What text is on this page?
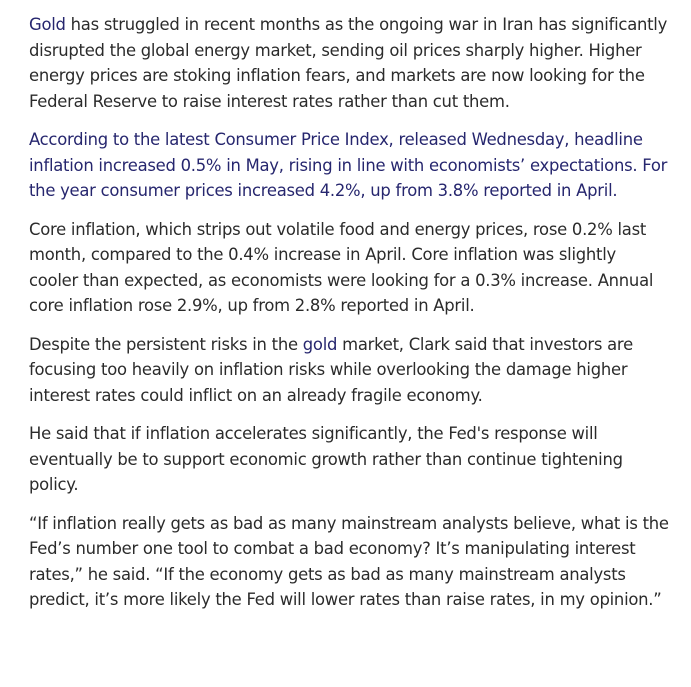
Gold has struggled in recent months as the ongoing war in Iran has significantly disrupted the global energy market, sending oil prices sharply higher. Higher energy prices are stoking inflation fears, and markets are now looking for the Federal Reserve to raise interest rates rather than cut them.

According to the latest Consumer Price Index, released Wednesday, headline inflation increased 0.5% in May, rising in line with economists’ expectations. For the year consumer prices increased 4.2%, up from 3.8% reported in April.

Core inflation, which strips out volatile food and energy prices, rose 0.2% last month, compared to the 0.4% increase in April. Core inflation was slightly cooler than expected, as economists were looking for a 0.3% increase. Annual core inflation rose 2.9%, up from 2.8% reported in April.

Despite the persistent risks in the gold market, Clark said that investors are focusing too heavily on inflation risks while overlooking the damage higher interest rates could inflict on an already fragile economy.

He said that if inflation accelerates significantly, the Fed's response will eventually be to support economic growth rather than continue tightening policy.

“If inflation really gets as bad as many mainstream analysts believe, what is the Fed’s number one tool to combat a bad economy? It’s manipulating interest rates,” he said. “If the economy gets as bad as many mainstream analysts predict, it’s more likely the Fed will lower rates than raise rates, in my opinion.”
